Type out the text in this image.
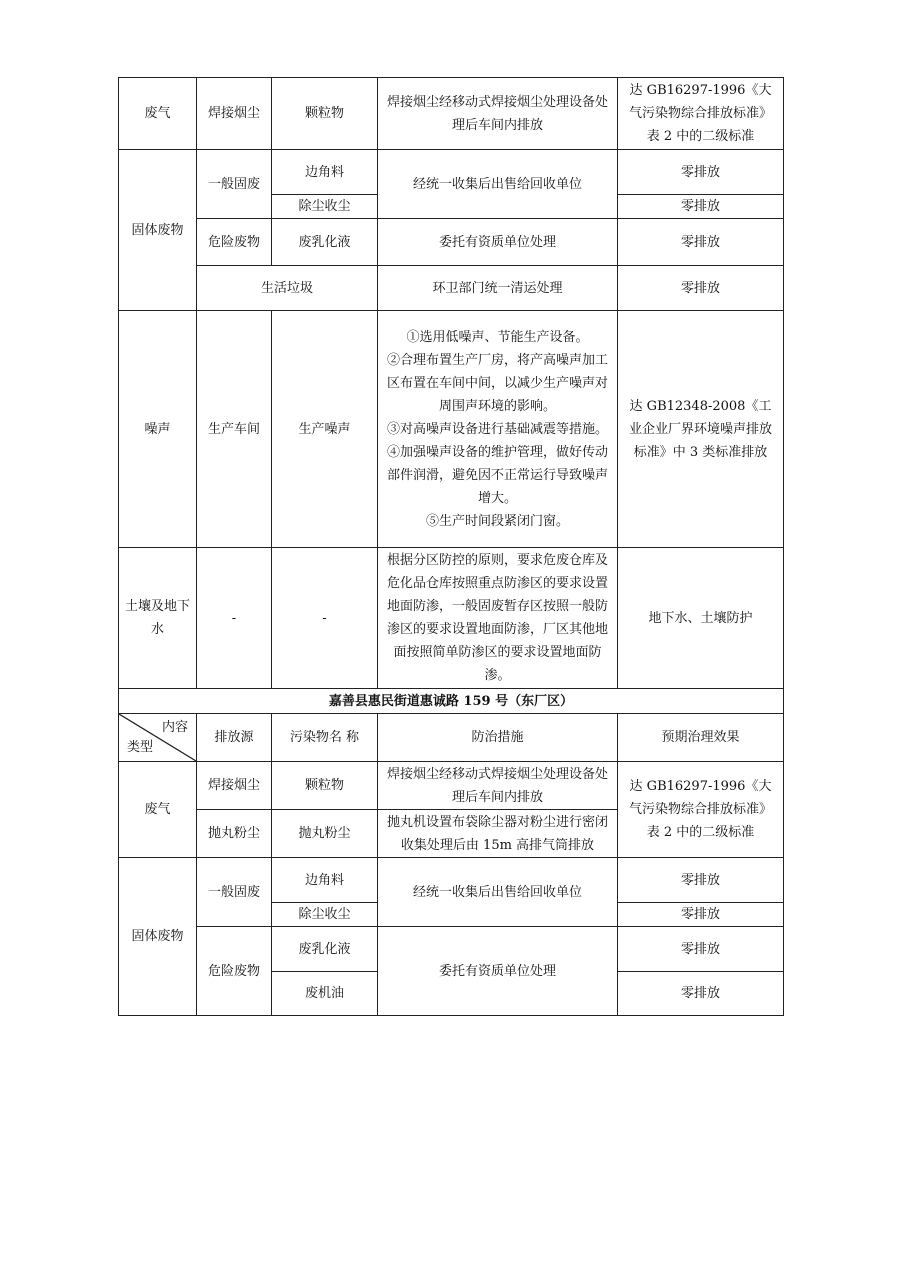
废气	焊接烟尘	颗粒物	焊接烟尘经移动式焊接烟尘处理设备处理后车间内排放	达 GB16297-1996《大气污染物综合排放标准》表 2 中的二级标准
固体废物	一般固废	边角料	经统一收集后出售给回收单位	零排放
		除尘收尘		零排放
	危险废物	废乳化液	委托有资质单位处理	零排放
	生活垃圾		环卫部门统一清运处理	零排放
噪声	生产车间	生产噪声	①选用低噪声、节能生产设备。
②合理布置生产厂房，将产高噪声加工区布置在车间中间，以减少生产噪声对周围声环境的影响。
③对高噪声设备进行基础减震等措施。
④加强噪声设备的维护管理，做好传动部件润滑，避免因不正常运行导致噪声增大。
⑤生产时间段紧闭门窗。	达 GB12348-2008《工业企业厂界环境噪声排放标准》中 3 类标准排放
土壤及地下水	-	-	根据分区防控的原则，要求危废仓库及危化品仓库按照重点防渗区的要求设置地面防渗，一般固废暂存区按照一般防渗区的要求设置地面防渗，厂区其他地面按照简单防渗区的要求设置地面防渗。	地下水、土壤防护
嘉善县惠民街道惠诚路 159 号（东厂区）				

内容
类型	排放源	污染物名 称	防治措施	预期治理效果
废气	焊接烟尘	颗粒物	焊接烟尘经移动式焊接烟尘处理设备处理后车间内排放	达 GB16297-1996《大气污染物综合排放标准》表 2 中的二级标准
	抛丸粉尘	抛丸粉尘	抛丸机设置布袋除尘器对粉尘进行密闭收集处理后由 15m 高排气筒排放	
固体废物	一般固废	边角料	经统一收集后出售给回收单位	零排放
		除尘收尘		零排放
	危险废物	废乳化液	委托有资质单位处理	零排放
		废机油		零排放
